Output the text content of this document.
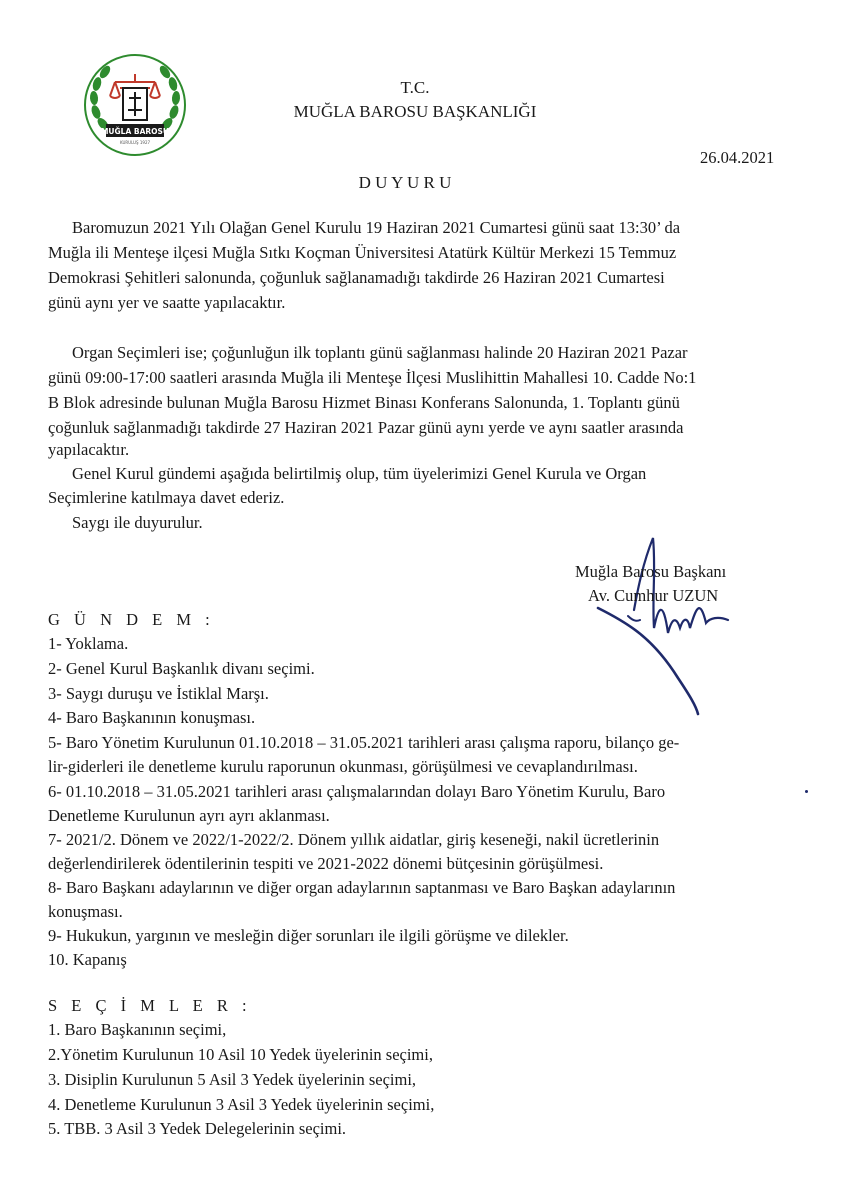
MUĞLA BAROSU
KURULUŞ 1927
T.C.
MUĞLA BAROSU BAŞKANLIĞI
26.04.2021
D U Y U R U
Baromuzun 2021 Yılı Olağan Genel Kurulu 19 Haziran 2021 Cumartesi günü saat 13:30’ da
Muğla ili Menteşe ilçesi Muğla Sıtkı Koçman Üniversitesi Atatürk Kültür Merkezi 15 Temmuz
Demokrasi Şehitleri salonunda, çoğunluk sağlanamadığı takdirde 26 Haziran 2021 Cumartesi
günü aynı yer ve saatte yapılacaktır.
Organ Seçimleri ise; çoğunluğun ilk toplantı günü sağlanması halinde 20 Haziran 2021 Pazar
günü 09:00-17:00 saatleri arasında Muğla ili Menteşe İlçesi Muslihittin Mahallesi 10. Cadde No:1
B Blok adresinde bulunan Muğla Barosu Hizmet Binası Konferans Salonunda, 1. Toplantı günü
çoğunluk sağlanmadığı takdirde 27 Haziran 2021 Pazar günü aynı yerde ve aynı saatler arasında
yapılacaktır.
Genel Kurul gündemi aşağıda belirtilmiş olup, tüm üyelerimizi Genel Kurula ve Organ
Seçimlerine katılmaya davet ederiz.
Saygı ile duyurulur.
Muğla Barosu Başkanı
Av. Cumhur UZUN
G Ü N D E M :
1- Yoklama.
2- Genel Kurul Başkanlık divanı seçimi.
3- Saygı duruşu ve İstiklal Marşı.
4- Baro Başkanının konuşması.
5- Baro Yönetim Kurulunun 01.10.2018 – 31.05.2021 tarihleri arası çalışma raporu, bilanço ge-
lir-giderleri ile denetleme kurulu raporunun okunması, görüşülmesi ve cevaplandırılması.
6- 01.10.2018 – 31.05.2021 tarihleri arası çalışmalarından dolayı Baro Yönetim Kurulu, Baro
Denetleme Kurulunun ayrı ayrı aklanması.
7- 2021/2. Dönem ve 2022/1-2022/2. Dönem yıllık aidatlar, giriş keseneği, nakil ücretlerinin
değerlendirilerek ödentilerinin tespiti ve 2021-2022 dönemi bütçesinin görüşülmesi.
8- Baro Başkanı adaylarının ve diğer organ adaylarının saptanması ve Baro Başkan adaylarının
konuşması.
9- Hukukun, yargının ve mesleğin diğer sorunları ile ilgili görüşme ve dilekler.
10. Kapanış
S E Ç İ M L E R :
1. Baro Başkanının seçimi,
2.Yönetim Kurulunun 10 Asil 10 Yedek üyelerinin seçimi,
3. Disiplin Kurulunun 5 Asil 3 Yedek üyelerinin seçimi,
4. Denetleme Kurulunun 3 Asil 3 Yedek üyelerinin seçimi,
5. TBB. 3 Asil 3 Yedek Delegelerinin seçimi.
